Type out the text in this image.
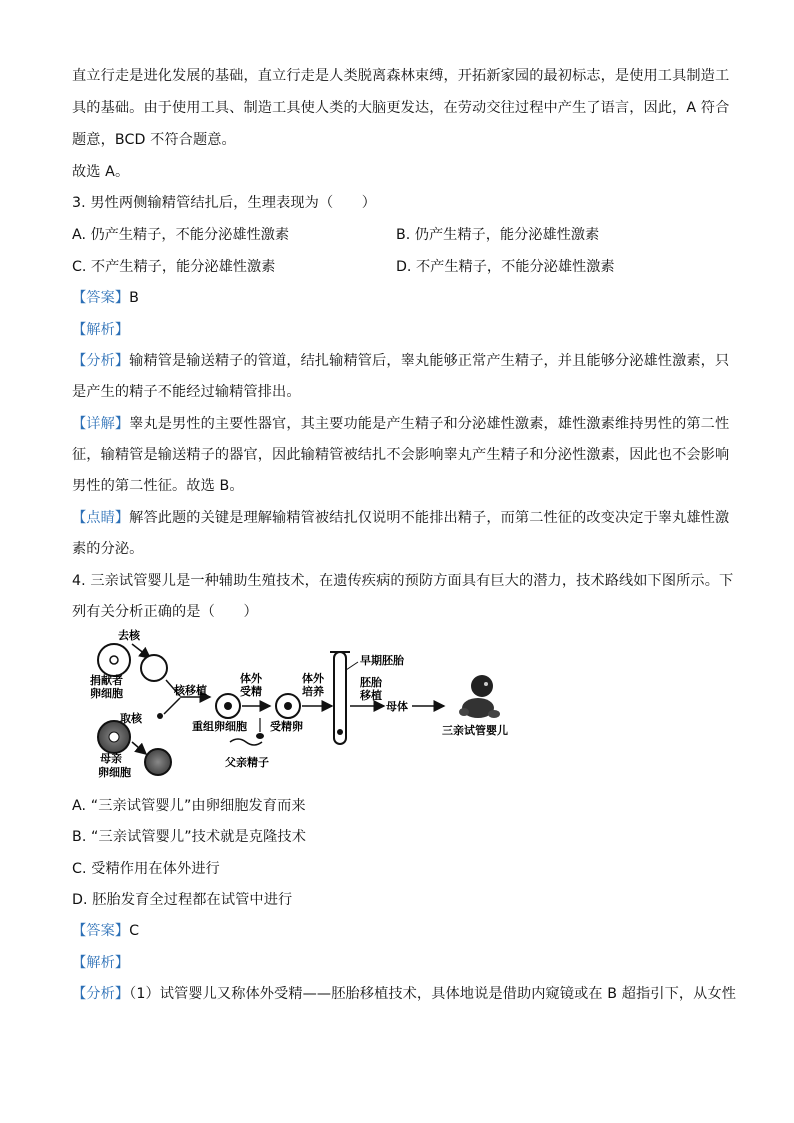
直立行走是进化发展的基础，直立行走是人类脱离森林束缚，开拓新家园的最初标志，是使用工具制造工
具的基础。由于使用工具、制造工具使人类的大脑更发达，在劳动交往过程中产生了语言，因此，A 符合
题意，BCD 不符合题意。
故选 A。
3. 男性两侧输精管结扎后，生理表现为（　　）
A. 仍产生精子，不能分泌雄性激素	B. 仍产生精子，能分泌雄性激素
C. 不产生精子，能分泌雄性激素	D. 不产生精子，不能分泌雄性激素
【答案】B
【解析】
【分析】输精管是输送精子的管道，结扎输精管后，睾丸能够正常产生精子，并且能够分泌雄性激素，只
是产生的精子不能经过输精管排出。
【详解】睾丸是男性的主要性器官，其主要功能是产生精子和分泌雄性激素，雄性激素维持男性的第二性
征，输精管是输送精子的器官，因此输精管被结扎不会影响睾丸产生精子和分泌性激素，因此也不会影响
男性的第二性征。故选 B。
【点睛】解答此题的关键是理解输精管被结扎仅说明不能排出精子，而第二性征的改变决定于睾丸雄性激
素的分泌。
4. 三亲试管婴儿是一种辅助生殖技术，在遗传疾病的预防方面具有巨大的潜力，技术路线如下图所示。下
列有关分析正确的是（　　）
去核
捐献者
卵细胞
取核
母亲
卵细胞
核移植
重组卵细胞
体外
受精
父亲精子
受精卵
体外
培养
早期胚胎
胚胎
移植
母体
三亲试管婴儿
A. “三亲试管婴儿”由卵细胞发育而来
B. “三亲试管婴儿”技术就是克隆技术
C. 受精作用在体外进行
D. 胚胎发育全过程都在试管中进行
【答案】C
【解析】
【分析】（1）试管婴儿又称体外受精——胚胎移植技术，具体地说是借助内窥镜或在 B 超指引下，从女性
